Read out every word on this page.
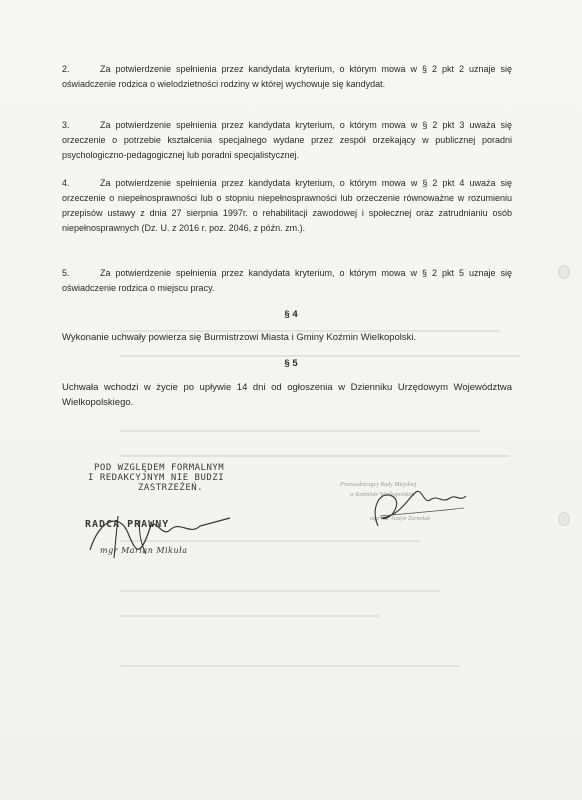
2.	Za potwierdzenie spełnienia przez kandydata kryterium, o którym mowa w § 2 pkt 2 uznaje się oświadczenie rodzica o wielodzietności rodziny w której wychowuje się kandydat.
3.	Za potwierdzenie spełnienia przez kandydata kryterium, o którym mowa w § 2 pkt 3 uważa się orzeczenie o potrzebie kształcenia specjalnego wydane przez zespół orzekający w publicznej poradni psychologiczno-pedagogicznej lub poradni specjalistycznej.
4.	Za potwierdzenie spełnienia przez kandydata kryterium, o którym mowa w § 2 pkt 4 uważa się orzeczenie o niepełnosprawności lub o stopniu niepełnosprawności lub orzeczenie równoważne w rozumieniu przepisów ustawy z dnia 27 sierpnia 1997r. o rehabilitacji zawodowej i społecznej oraz zatrudnianiu osób niepełnosprawnych (Dz. U. z 2016 r. poz. 2046, z późn. zm.).
5.	Za potwierdzenie spełnienia przez kandydata kryterium, o którym mowa w § 2 pkt 5 uznaje się oświadczenie rodzica o miejscu pracy.
§ 4
Wykonanie uchwały powierza się Burmistrzowi Miasta i Gminy Koźmin Wielkopolski.
§ 5
Uchwała wchodzi w życie po upływie 14 dni od ogłoszenia w Dzienniku Urzędowym Województwa Wielkopolskiego.
POD WZGLĘDEM FORMALNYM
I REDAKCYJNYM NIE BUDZI
ZASTRZEŻEŃ.
RADCA PRAWNY
mgr Marian Mikuła
Przewodniczący Rady Miejskiej
w Koźminie Wielkopolskim
mgr inż. Justyn Żarnołak
